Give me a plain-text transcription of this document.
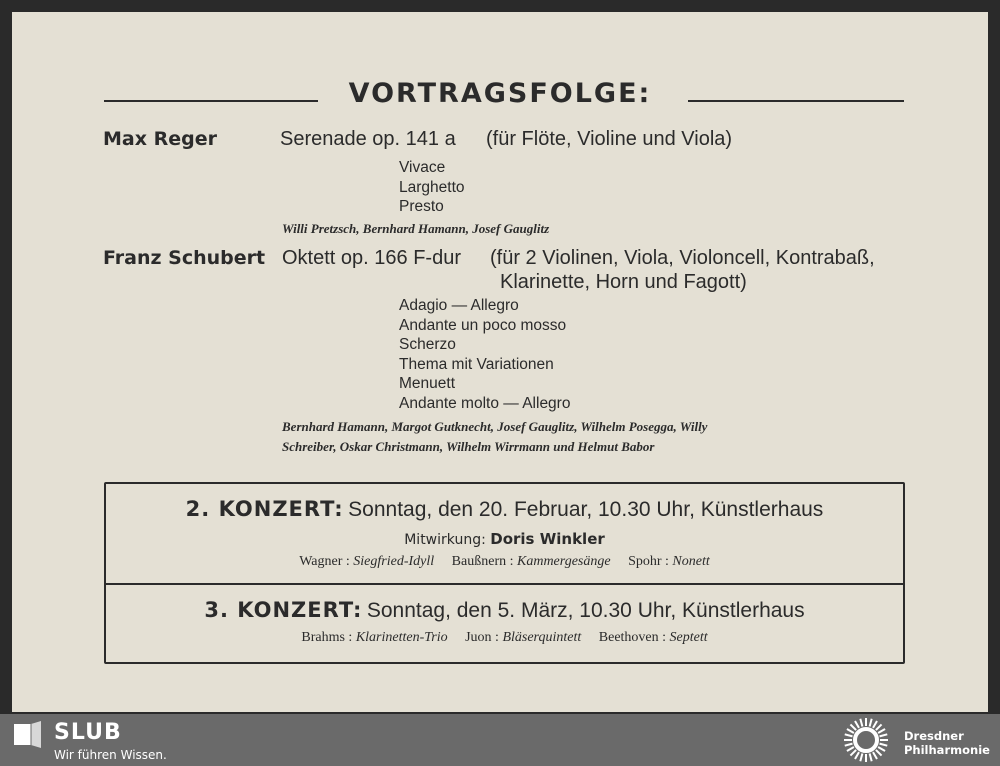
VORTRAGSFOLGE:
Max Reger	Serenade op. 141 a (für Flöte, Violine und Viola)
Vivace
Larghetto
Presto
Willi Pretzsch, Bernhard Hamann, Josef Gauglitz
Franz Schubert Oktett op. 166 F-dur (für 2 Violinen, Viola, Violoncell, Kontrabaß,
Klarinette, Horn und Fagott)
Adagio — Allegro
Andante un poco mosso
Scherzo
Thema mit Variationen
Menuett
Andante molto — Allegro
Bernhard Hamann, Margot Gutknecht, Josef Gauglitz, Wilhelm Posegga, Willy
Schreiber, Oskar Christmann, Wilhelm Wirrmann und Helmut Babor
2. KONZERT: Sonntag, den 20. Februar, 10.30 Uhr, Künstlerhaus
Mitwirkung: Doris Winkler
Wagner : Siegfried-Idyll Baußnern : Kammergesänge Spohr : Nonett
3. KONZERT: Sonntag, den 5. März, 10.30 Uhr, Künstlerhaus
Brahms : Klarinetten-Trio Juon : Bläserquintett Beethoven : Septett
SLUB
Wir führen Wissen.
Dresdner
Philharmonie
